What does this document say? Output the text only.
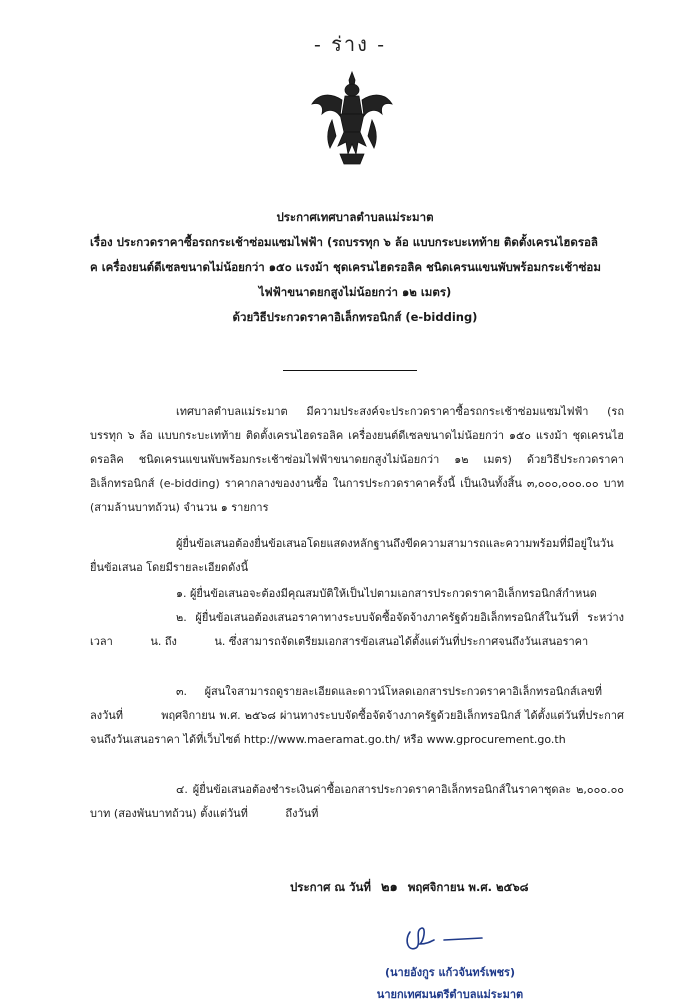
- ร่าง -
ประกาศเทศบาลตำบลแม่ระมาต
เรื่อง ประกวดราคาซื้อรถกระเช้าซ่อมแซมไฟฟ้า (รถบรรทุก ๖ ล้อ แบบกระบะเทท้าย ติดตั้งเครนไฮดรอลิ
ค เครื่องยนต์ดีเซลขนาดไม่น้อยกว่า ๑๕๐ แรงม้า ชุดเครนไฮดรอลิค ชนิดเครนแขนพับพร้อมกระเช้าซ่อม
ไฟฟ้าขนาดยกสูงไม่น้อยกว่า ๑๒ เมตร)
ด้วยวิธีประกวดราคาอิเล็กทรอนิกส์ (e-bidding)
เทศบาลตำบลแม่ระมาต มีความประสงค์จะประกวดราคาซื้อรถกระเช้าซ่อมแซมไฟฟ้า (รถบรรทุก ๖ ล้อ แบบกระบะเทท้าย ติดตั้งเครนไฮดรอลิค เครื่องยนต์ดีเซลขนาดไม่น้อยกว่า ๑๕๐ แรงม้า ชุดเครนไฮดรอลิค ชนิดเครนแขนพับพร้อมกระเช้าซ่อมไฟฟ้าขนาดยกสูงไม่น้อยกว่า ๑๒ เมตร) ด้วยวิธีประกวดราคาอิเล็กทรอนิกส์ (e-bidding) ราคากลางของงานซื้อ ในการประกวดราคาครั้งนี้ เป็นเงินทั้งสิ้น ๓,๐๐๐,๐๐๐.๐๐ บาท (สามล้านบาทถ้วน) จำนวน ๑ รายการ
ผู้ยื่นข้อเสนอต้องยื่นข้อเสนอโดยแสดงหลักฐานถึงขีดความสามารถและความพร้อมที่มีอยู่ในวันยื่นข้อเสนอ โดยมีรายละเอียดดังนี้
๑. ผู้ยื่นข้อเสนอจะต้องมีคุณสมบัติให้เป็นไปตามเอกสารประกวดราคาอิเล็กทรอนิกส์กำหนด
๒. ผู้ยื่นข้อเสนอต้องเสนอราคาทางระบบจัดซื้อจัดจ้างภาครัฐด้วยอิเล็กทรอนิกส์ในวันที่ ระหว่างเวลา	น. ถึง	น. ซึ่งสามารถจัดเตรียมเอกสารข้อเสนอได้ตั้งแต่วันที่ประกาศจนถึงวันเสนอราคา
๓. ผู้สนใจสามารถดูรายละเอียดและดาวน์โหลดเอกสารประกวดราคาอิเล็กทรอนิกส์เลขที่ ลงวันที่	พฤศจิกายน พ.ศ. ๒๕๖๘ ผ่านทางระบบจัดซื้อจัดจ้างภาครัฐด้วยอิเล็กทรอนิกส์ ได้ตั้งแต่วันที่ประกาศจนถึงวันเสนอราคา ได้ที่เว็บไซต์ http://www.maeramat.go.th/ หรือ www.gprocurement.go.th
๔. ผู้ยื่นข้อเสนอต้องชำระเงินค่าซื้อเอกสารประกวดราคาอิเล็กทรอนิกส์ในราคาชุดละ ๒,๐๐๐.๐๐ บาท (สองพันบาทถ้วน) ตั้งแต่วันที่	ถึงวันที่
ประกาศ ณ วันที่ ๒๑ พฤศจิกายน พ.ศ. ๒๕๖๘
(นายอังกูร แก้วจันทร์เพชร)
นายกเทศมนตรีตำบลแม่ระมาต
